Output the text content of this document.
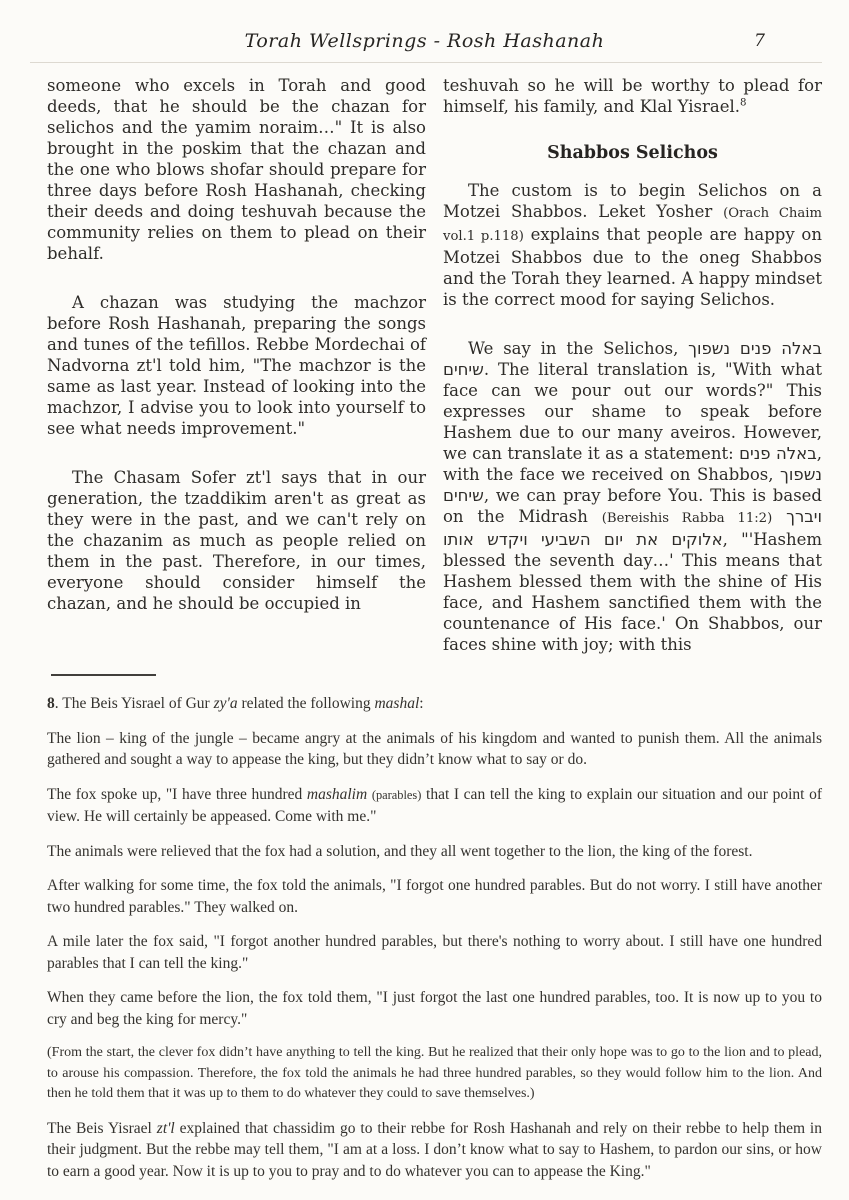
Torah Wellsprings - Rosh Hashanah	7

someone who excels in Torah and good deeds, that he should be the chazan for selichos and the yamim noraim…" It is also brought in the poskim that the chazan and the one who blows shofar should prepare for three days before Rosh Hashanah, checking their deeds and doing teshuvah because the community relies on them to plead on their behalf.

A chazan was studying the machzor before Rosh Hashanah, preparing the songs and tunes of the tefillos. Rebbe Mordechai of Nadvorna zt'l told him, "The machzor is the same as last year. Instead of looking into the machzor, I advise you to look into yourself to see what needs improvement."

The Chasam Sofer zt'l says that in our generation, the tzaddikim aren't as great as they were in the past, and we can't rely on the chazanim as much as people relied on them in the past. Therefore, in our times, everyone should consider himself the chazan, and he should be occupied in

teshuvah so he will be worthy to plead for himself, his family, and Klal Yisrael.$^8$

Shabbos Selichos

The custom is to begin Selichos on a Motzei Shabbos. Leket Yosher (Orach Chaim vol.1 p.118) explains that people are happy on Motzei Shabbos due to the oneg Shabbos and the Torah they learned. A happy mindset is the correct mood for saying Selichos.

We say in the Selichos, באלה פנים נשפוך שיחים. The literal translation is, "With what face can we pour out our words?" This expresses our shame to speak before Hashem due to our many aveiros. However, we can translate it as a statement: באלה פנים, with the face we received on Shabbos, נשפוך שיחים, we can pray before You. This is based on the Midrash (Bereishis Rabba 11:2) ויברך אלוקים את יום השביעי ויקדש אותו, "'Hashem blessed the seventh day…' This means that Hashem blessed them with the shine of His face, and Hashem sanctified them with the countenance of His face.' On Shabbos, our faces shine with joy; with this

8. The Beis Yisrael of Gur zy'a related the following mashal:

The lion – king of the jungle – became angry at the animals of his kingdom and wanted to punish them. All the animals gathered and sought a way to appease the king, but they didn’t know what to say or do.

The fox spoke up, "I have three hundred mashalim (parables) that I can tell the king to explain our situation and our point of view. He will certainly be appeased. Come with me."

The animals were relieved that the fox had a solution, and they all went together to the lion, the king of the forest.

After walking for some time, the fox told the animals, "I forgot one hundred parables. But do not worry. I still have another two hundred parables." They walked on.

A mile later the fox said, "I forgot another hundred parables, but there's nothing to worry about. I still have one hundred parables that I can tell the king."

When they came before the lion, the fox told them, "I just forgot the last one hundred parables, too. It is now up to you to cry and beg the king for mercy."

(From the start, the clever fox didn’t have anything to tell the king. But he realized that their only hope was to go to the lion and to plead, to arouse his compassion. Therefore, the fox told the animals he had three hundred parables, so they would follow him to the lion. And then he told them that it was up to them to do whatever they could to save themselves.)

The Beis Yisrael zt'l explained that chassidim go to their rebbe for Rosh Hashanah and rely on their rebbe to help them in their judgment. But the rebbe may tell them, "I am at a loss. I don’t know what to say to Hashem, to pardon our sins, or how to earn a good year. Now it is up to you to pray and to do whatever you can to appease the King."
